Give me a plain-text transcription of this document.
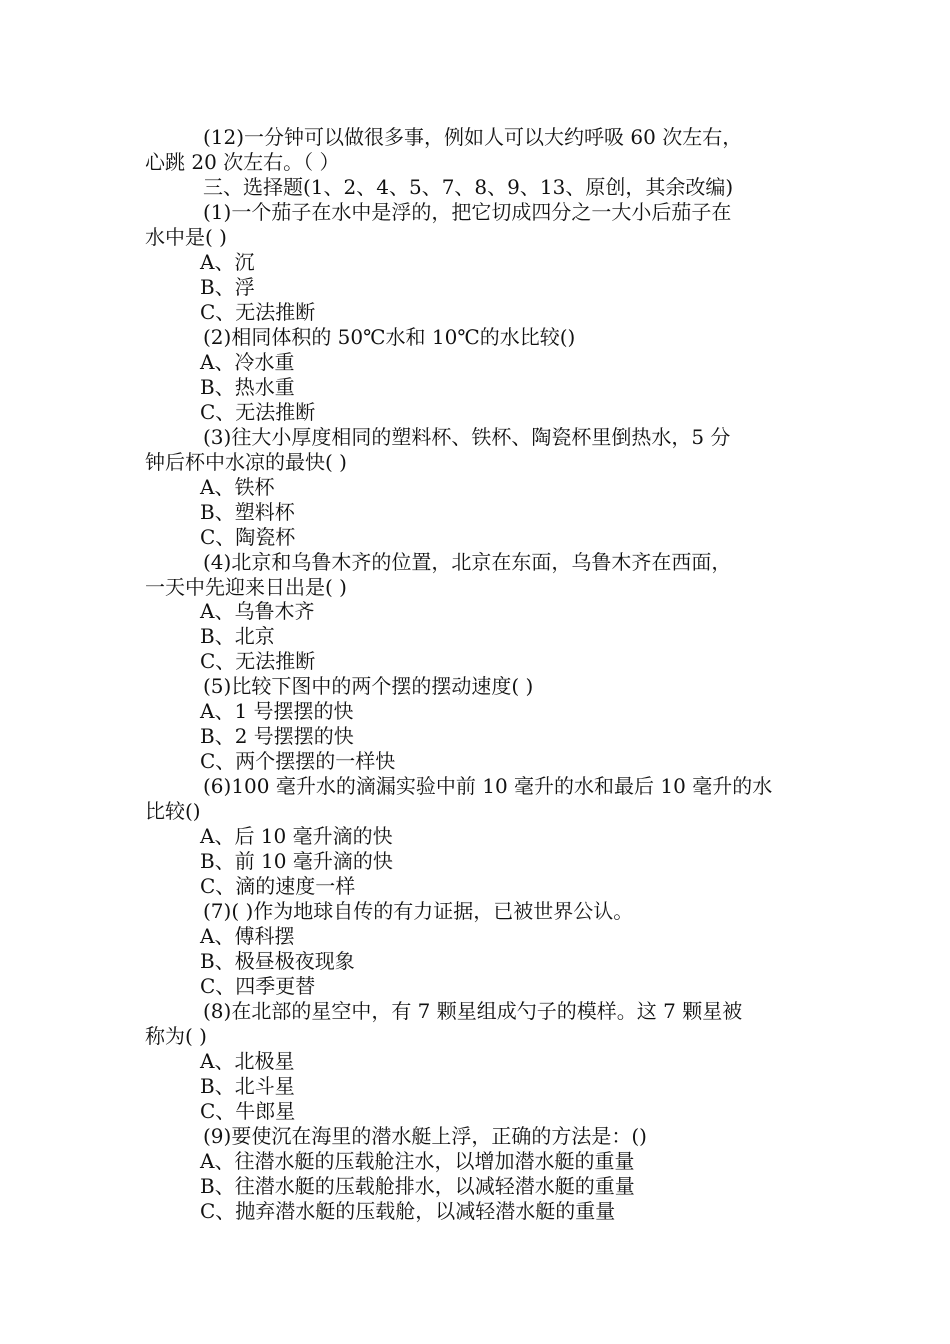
(12)一分钟可以做很多事，例如人可以大约呼吸 60 次左右，
心跳 20 次左右。（ ）
三、选择题(1、2、4、5、7、8、9、13、原创，其余改编)
(1)一个茄子在水中是浮的，把它切成四分之一大小后茄子在
水中是( )
A、沉
B、浮
C、无法推断
(2)相同体积的 50℃水和 10℃的水比较()
A、冷水重
B、热水重
C、无法推断
(3)往大小厚度相同的塑料杯、铁杯、陶瓷杯里倒热水，5 分
钟后杯中水凉的最快( )
A、铁杯
B、塑料杯
C、陶瓷杯
(4)北京和乌鲁木齐的位置，北京在东面，乌鲁木齐在西面，
一天中先迎来日出是( )
A、乌鲁木齐
B、北京
C、无法推断
(5)比较下图中的两个摆的摆动速度( )
A、1 号摆摆的快
B、2 号摆摆的快
C、两个摆摆的一样快
(6)100 毫升水的滴漏实验中前 10 毫升的水和最后 10 毫升的水
比较()
A、后 10 毫升滴的快
B、前 10 毫升滴的快
C、滴的速度一样
(7)( )作为地球自传的有力证据，已被世界公认。
A、傅科摆
B、极昼极夜现象
C、四季更替
(8)在北部的星空中，有 7 颗星组成勺子的模样。这 7 颗星被
称为( )
A、北极星
B、北斗星
C、牛郎星
(9)要使沉在海里的潜水艇上浮，正确的方法是：()
A、往潜水艇的压载舱注水，以增加潜水艇的重量
B、往潜水艇的压载舱排水，以减轻潜水艇的重量
C、抛弃潜水艇的压载舱，以减轻潜水艇的重量
